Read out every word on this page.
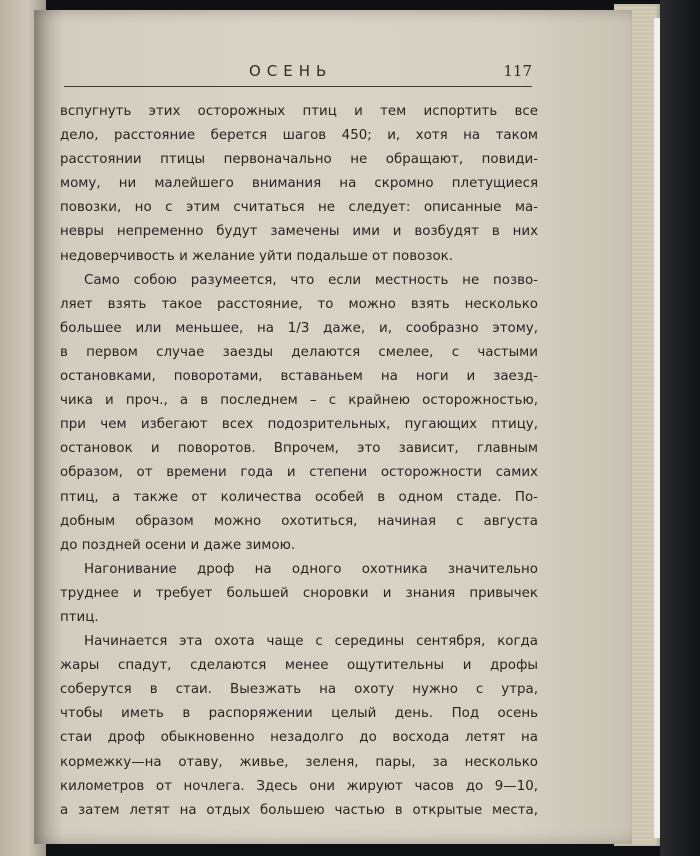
ОСЕНЬ	117
вспугнуть этих осторожных птиц и тем испортить все
дело, расстояние берется шагов 450; и, хотя на таком
расстоянии птицы первоначально не обращают, повиди-
мому, ни малейшего внимания на скромно плетущиеся
повозки, но с этим считаться не следует: описанные ма-
невры непременно будут замечены ими и возбудят в них
недоверчивость и желание уйти подальше от повозок.
Само собою разумеется, что если местность не позво-
ляет взять такое расстояние, то можно взять несколько
большее или меньшее, на 1/3 даже, и, сообразно этому,
в первом случае заезды делаются смелее, с частыми
остановками, поворотами, вставаньем на ноги и заезд-
чика и проч., а в последнем – с крайнею осторожностью,
при чем избегают всех подозрительных, пугающих птицу,
остановок и поворотов. Впрочем, это зависит, главным
образом, от времени года и степени осторожности самих
птиц, а также от количества особей в одном стаде. По-
добным образом можно охотиться, начиная с августа
до поздней осени и даже зимою.
Нагонивание дроф на одного охотника значительно
труднее и требует большей сноровки и знания привычек
птиц.
Начинается эта охота чаще с середины сентября, когда
жары спадут, сделаются менее ощутительны и дрофы
соберутся в стаи. Выезжать на охоту нужно с утра,
чтобы иметь в распоряжении целый день. Под осень
стаи дроф обыкновенно незадолго до восхода летят на
кормежку—на отаву, живье, зеленя, пары, за несколько
километров от ночлега. Здесь они жируют часов до 9—10,
а затем летят на отдых большею частью в открытые места,
